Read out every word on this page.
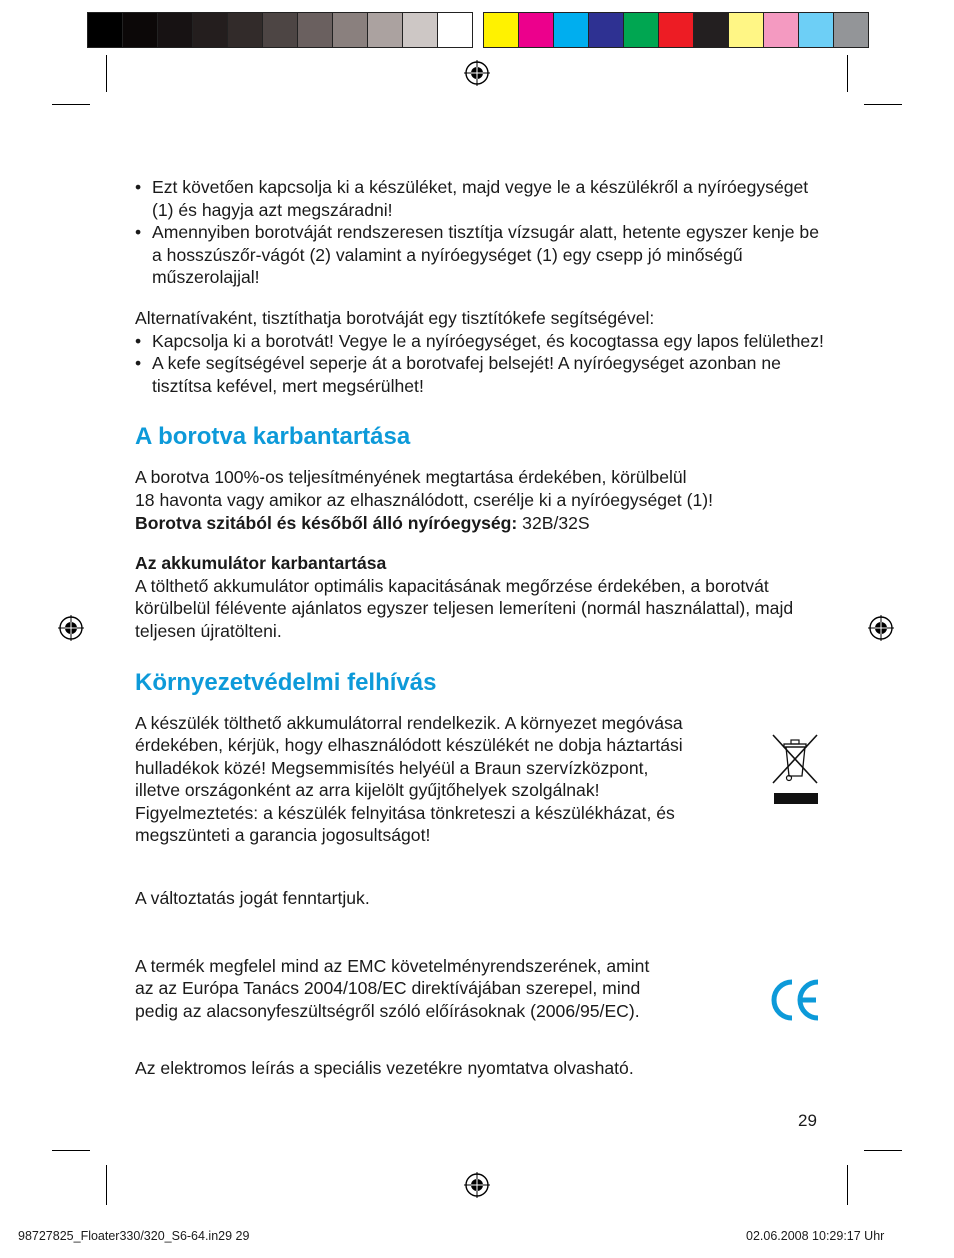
• Ezt követően kapcsolja ki a készüléket, majd vegye le a készülékről a nyíróegységet (1) és hagyja azt megszáradni!
• Amennyiben borotváját rendszeresen tisztítja vízsugár alatt, hetente egyszer kenje be a hosszúszőr-vágót (2) valamint a nyíróegységet (1) egy csepp jó minőségű műszerolajjal!

Alternatívaként, tisztíthatja borotváját egy tisztítókefe segítségével:

• Kapcsolja ki a borotvát! Vegye le a nyíróegységet, és kocogtassa egy lapos felülethez!
• A kefe segítségével seperje át a borotvafej belsejét! A nyíróegységet azonban ne tisztítsa kefével, mert megsérülhet!
A borotva karbantartása

A borotva 100%-os teljesítményének megtartása érdekében, körülbelül

18 havonta vagy amikor az elhasználódott, cserélje ki a nyíróegységet (1)!

Borotva szitából és későből álló nyíróegység: 32B/32S

Az akkumulátor karbantartása

A tölthető akkumulátor optimális kapacitásának megőrzése érdekében, a borotvát körülbelül félévente ajánlatos egyszer teljesen lemeríteni (normál használattal), majd teljesen újratölteni.

Környezetvédelmi felhívás

A készülék tölthető akkumulátorral rendelkezik. A környezet megóvása

érdekében, kérjük, hogy elhasználódott készülékét ne dobja háztartási

hulladékok közé! Megsemmisítés helyéül a Braun szervízközpont,

illetve országonként az arra kijelölt gyűjtőhelyek szolgálnak!

Figyelmeztetés: a készülék felnyitása tönkreteszi a készülékházat, és

megszünteti a garancia jogosultságot!

A változtatás jogát fenntartjuk.

A termék megfelel mind az EMC követelményrendszerének, amint

az az Európa Tanács 2004/108/EC direktívájában szerepel, mind

pedig az alacsonyfeszültségről szóló előírásoknak (2006/95/EC).

Az elektromos leírás a speciális vezetékre nyomtatva olvasható.

29
98727825_Floater330/320_S6-64.in29 29	02.06.2008 10:29:17 Uhr
